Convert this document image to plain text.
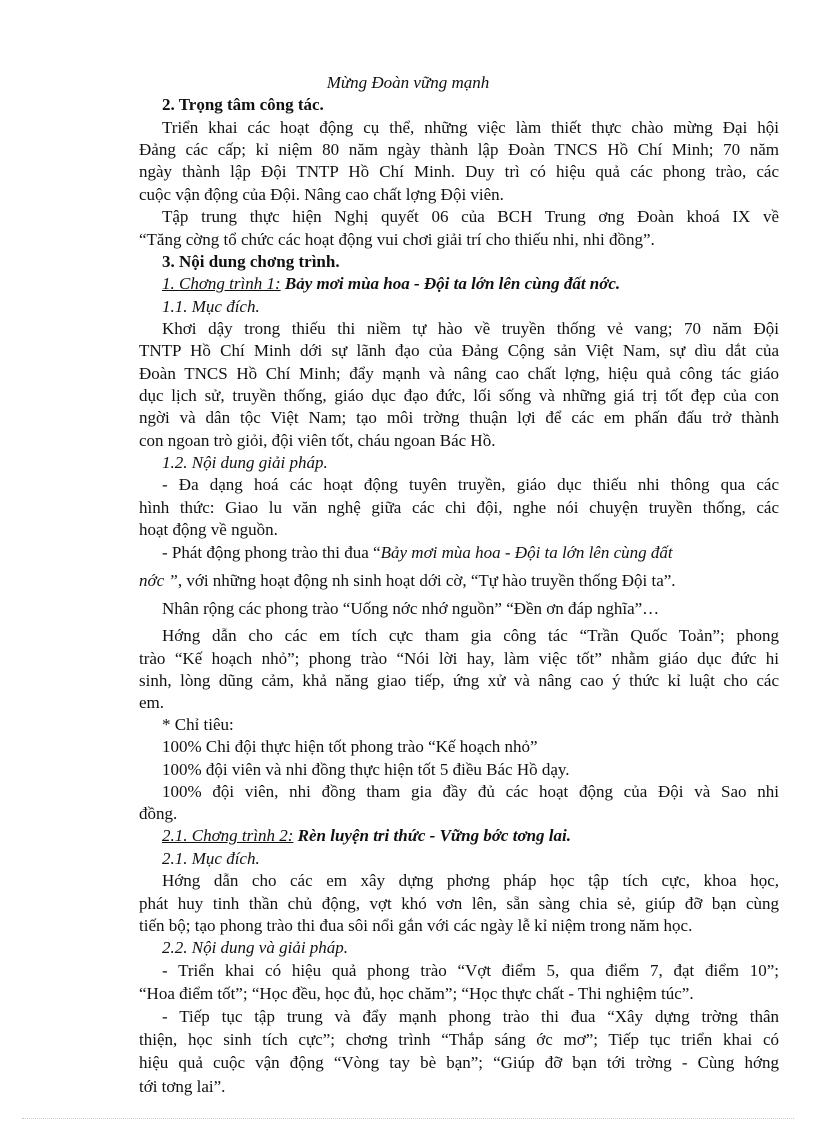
Mừng Đoàn vững mạnh
2. Trọng tâm công tác.
Triển khai các hoạt động cụ thể, những việc làm thiết thực chào mừng Đại hội
Đảng các cấp; kỉ niệm 80 năm ngày thành lập Đoàn TNCS Hồ Chí Minh; 70 năm
ngày thành lập Đội TNTP Hồ Chí Minh. Duy trì có hiệu quả các phong trào, các
cuộc vận động của Đội. Nâng cao chất lợng Đội viên.
Tập trung thực hiện Nghị quyết 06 của BCH Trung ơng Đoàn khoá IX về
“Tăng cờng tổ chức các hoạt động vui chơi giải trí cho thiếu nhi, nhi đồng”.
3. Nội dung chơng trình.
1. Chơng trình 1: Bảy mơi mùa hoa - Đội ta lớn lên cùng đất nớc.
1.1. Mục đích.
Khơi dậy trong thiếu thi niềm tự hào về truyền thống vẻ vang; 70 năm Đội
TNTP Hồ Chí Minh dới sự lãnh đạo của Đảng Cộng sản Việt Nam, sự dìu dắt của
Đoàn TNCS Hồ Chí Minh; đẩy mạnh và nâng cao chất lợng, hiệu quả công tác giáo
dục lịch sử, truyền thống, giáo dục đạo đức, lối sống và những giá trị tốt đẹp của con
ngời và dân tộc Việt Nam; tạo môi trờng thuận lợi để các em phấn đấu trở thành
con ngoan trò giỏi, đội viên tốt, cháu ngoan Bác Hồ.
1.2. Nội dung giải pháp.
- Đa dạng hoá các hoạt động tuyên truyền, giáo dục thiếu nhi thông qua các
hình thức: Giao lu văn nghệ giữa các chi đội, nghe nói chuyện truyền thống, các
hoạt động về nguồn.
- Phát động phong trào thi đua “Bảy mơi mùa hoa - Đội ta lớn lên cùng đất
nớc ”, với những hoạt động nh sinh hoạt dới cờ, “Tự hào truyền thống Đội ta”.
Nhân rộng các phong trào “Uống nớc nhớ nguồn” “Đền ơn đáp nghĩa”…
Hớng dẫn cho các em tích cực tham gia công tác “Trần Quốc Toản”; phong
trào “Kế hoạch nhỏ”; phong trào “Nói lời hay, làm việc tốt” nhằm giáo dục đức hi
sinh, lòng dũng cảm, khả năng giao tiếp, ứng xử và nâng cao ý thức kỉ luật cho các
em.
* Chỉ tiêu:
100% Chi đội thực hiện tốt phong trào “Kế hoạch nhỏ”
100% đội viên và nhi đồng thực hiện tốt 5 điều Bác Hồ dạy.
100% đội viên, nhi đồng tham gia đầy đủ các hoạt động của Đội và Sao nhi
đồng.
2.1. Chơng trình 2: Rèn luyện tri thức - Vững bớc tơng lai.
2.1. Mục đích.
Hớng dẫn cho các em xây dựng phơng pháp học tập tích cực, khoa học,
phát huy tinh thần chủ động, vợt khó vơn lên, sẵn sàng chia sẻ, giúp đỡ bạn cùng
tiến bộ; tạo phong trào thi đua sôi nổi gắn với các ngày lễ kỉ niệm trong năm học.
2.2. Nội dung và giải pháp.
- Triển khai có hiệu quả phong trào “Vợt điểm 5, qua điểm 7, đạt điểm 10”;
“Hoa điểm tốt”; “Học đều, học đủ, học chăm”; “Học thực chất - Thi nghiệm túc”.
- Tiếp tục tập trung và đẩy mạnh phong trào thi đua “Xây dựng trờng thân
thiện, học sinh tích cực”; chơng trình “Thắp sáng ớc mơ”; Tiếp tục triển khai có
hiệu quả cuộc vận động “Vòng tay bè bạn”; “Giúp đỡ bạn tới trờng - Cùng hớng
tới tơng lai”.
